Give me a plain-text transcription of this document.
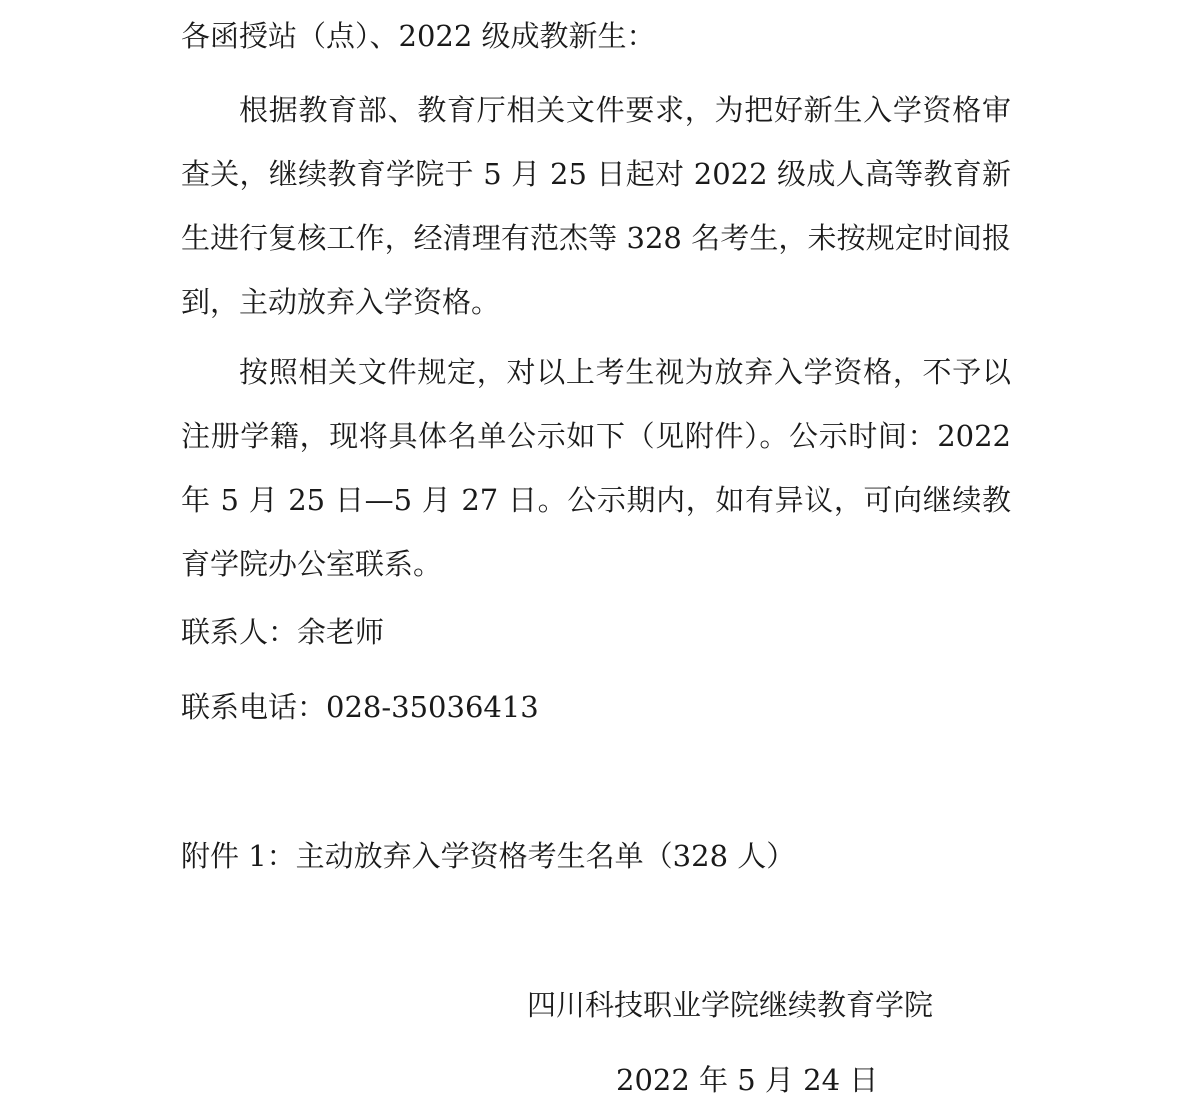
各函授站（点）、2022 级成教新生：
根据教育部、教育厅相关文件要求，为把好新生入学资格审查关，继续教育学院于 5 月 25 日起对 2022 级成人高等教育新生进行复核工作，经清理有范杰等 328 名考生，未按规定时间报到，主动放弃入学资格。
按照相关文件规定，对以上考生视为放弃入学资格，不予以注册学籍，现将具体名单公示如下（见附件）。公示时间：2022 年 5 月 25 日—5 月 27 日。公示期内，如有异议，可向继续教育学院办公室联系。
联系人：余老师
联系电话：028-35036413
附件 1：主动放弃入学资格考生名单（328 人）
四川科技职业学院继续教育学院
2022 年 5 月 24 日
